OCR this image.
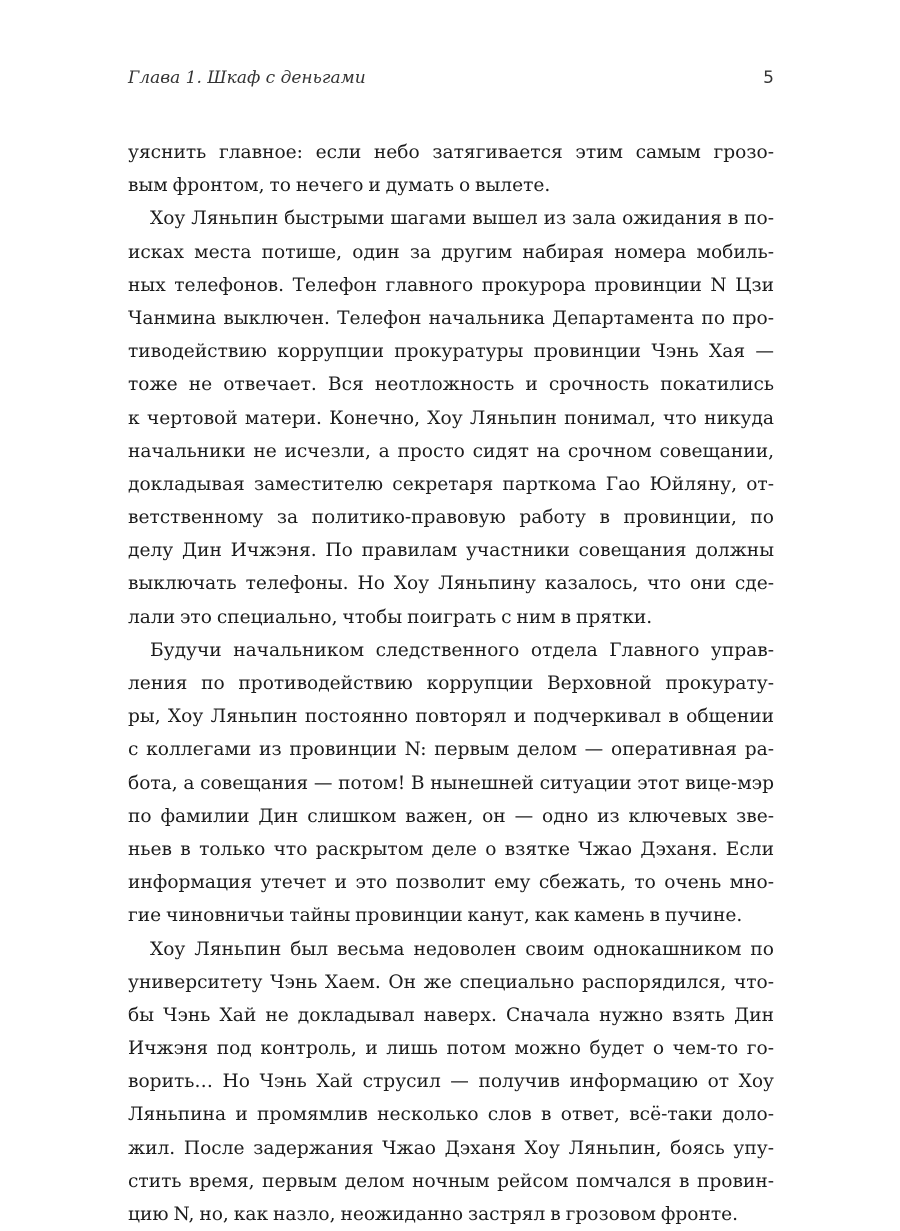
Глава 1. Шкаф с деньгами	5
уяснить главное: если небо затягивается этим самым грозо-
вым фронтом, то нечего и думать о вылете.
Хоу Ляньпин быстрыми шагами вышел из зала ожидания в по-
исках места потише, один за другим набирая номера мобиль-
ных телефонов. Телефон главного прокурора провинции N Цзи
Чанмина выключен. Телефон начальника Департамента по про-
тиводействию коррупции прокуратуры провинции Чэнь Хая —
тоже не отвечает. Вся неотложность и срочность покатились
к чертовой матери. Конечно, Хоу Ляньпин понимал, что никуда
начальники не исчезли, а просто сидят на срочном совещании,
докладывая заместителю секретаря парткома Гао Юйляну, от-
ветственному за политико-правовую работу в провинции, по
делу Дин Ичжэня. По правилам участники совещания должны
выключать телефоны. Но Хоу Ляньпину казалось, что они сде-
лали это специально, чтобы поиграть с ним в прятки.
Будучи начальником следственного отдела Главного управ-
ления по противодействию коррупции Верховной прокурату-
ры, Хоу Ляньпин постоянно повторял и подчеркивал в общении
с коллегами из провинции N: первым делом — оперативная ра-
бота, а совещания — потом! В нынешней ситуации этот вице-мэр
по фамилии Дин слишком важен, он — одно из ключевых зве-
ньев в только что раскрытом деле о взятке Чжао Дэханя. Если
информация утечет и это позволит ему сбежать, то очень мно-
гие чиновничьи тайны провинции канут, как камень в пучине.
Хоу Ляньпин был весьма недоволен своим однокашником по
университету Чэнь Хаем. Он же специально распорядился, что-
бы Чэнь Хай не докладывал наверх. Сначала нужно взять Дин
Ичжэня под контроль, и лишь потом можно будет о чем-то го-
ворить… Но Чэнь Хай струсил — получив информацию от Хоу
Ляньпина и промямлив несколько слов в ответ, всё-таки доло-
жил. После задержания Чжао Дэханя Хоу Ляньпин, боясь упу-
стить время, первым делом ночным рейсом помчался в провин-
цию N, но, как назло, неожиданно застрял в грозовом фронте.
